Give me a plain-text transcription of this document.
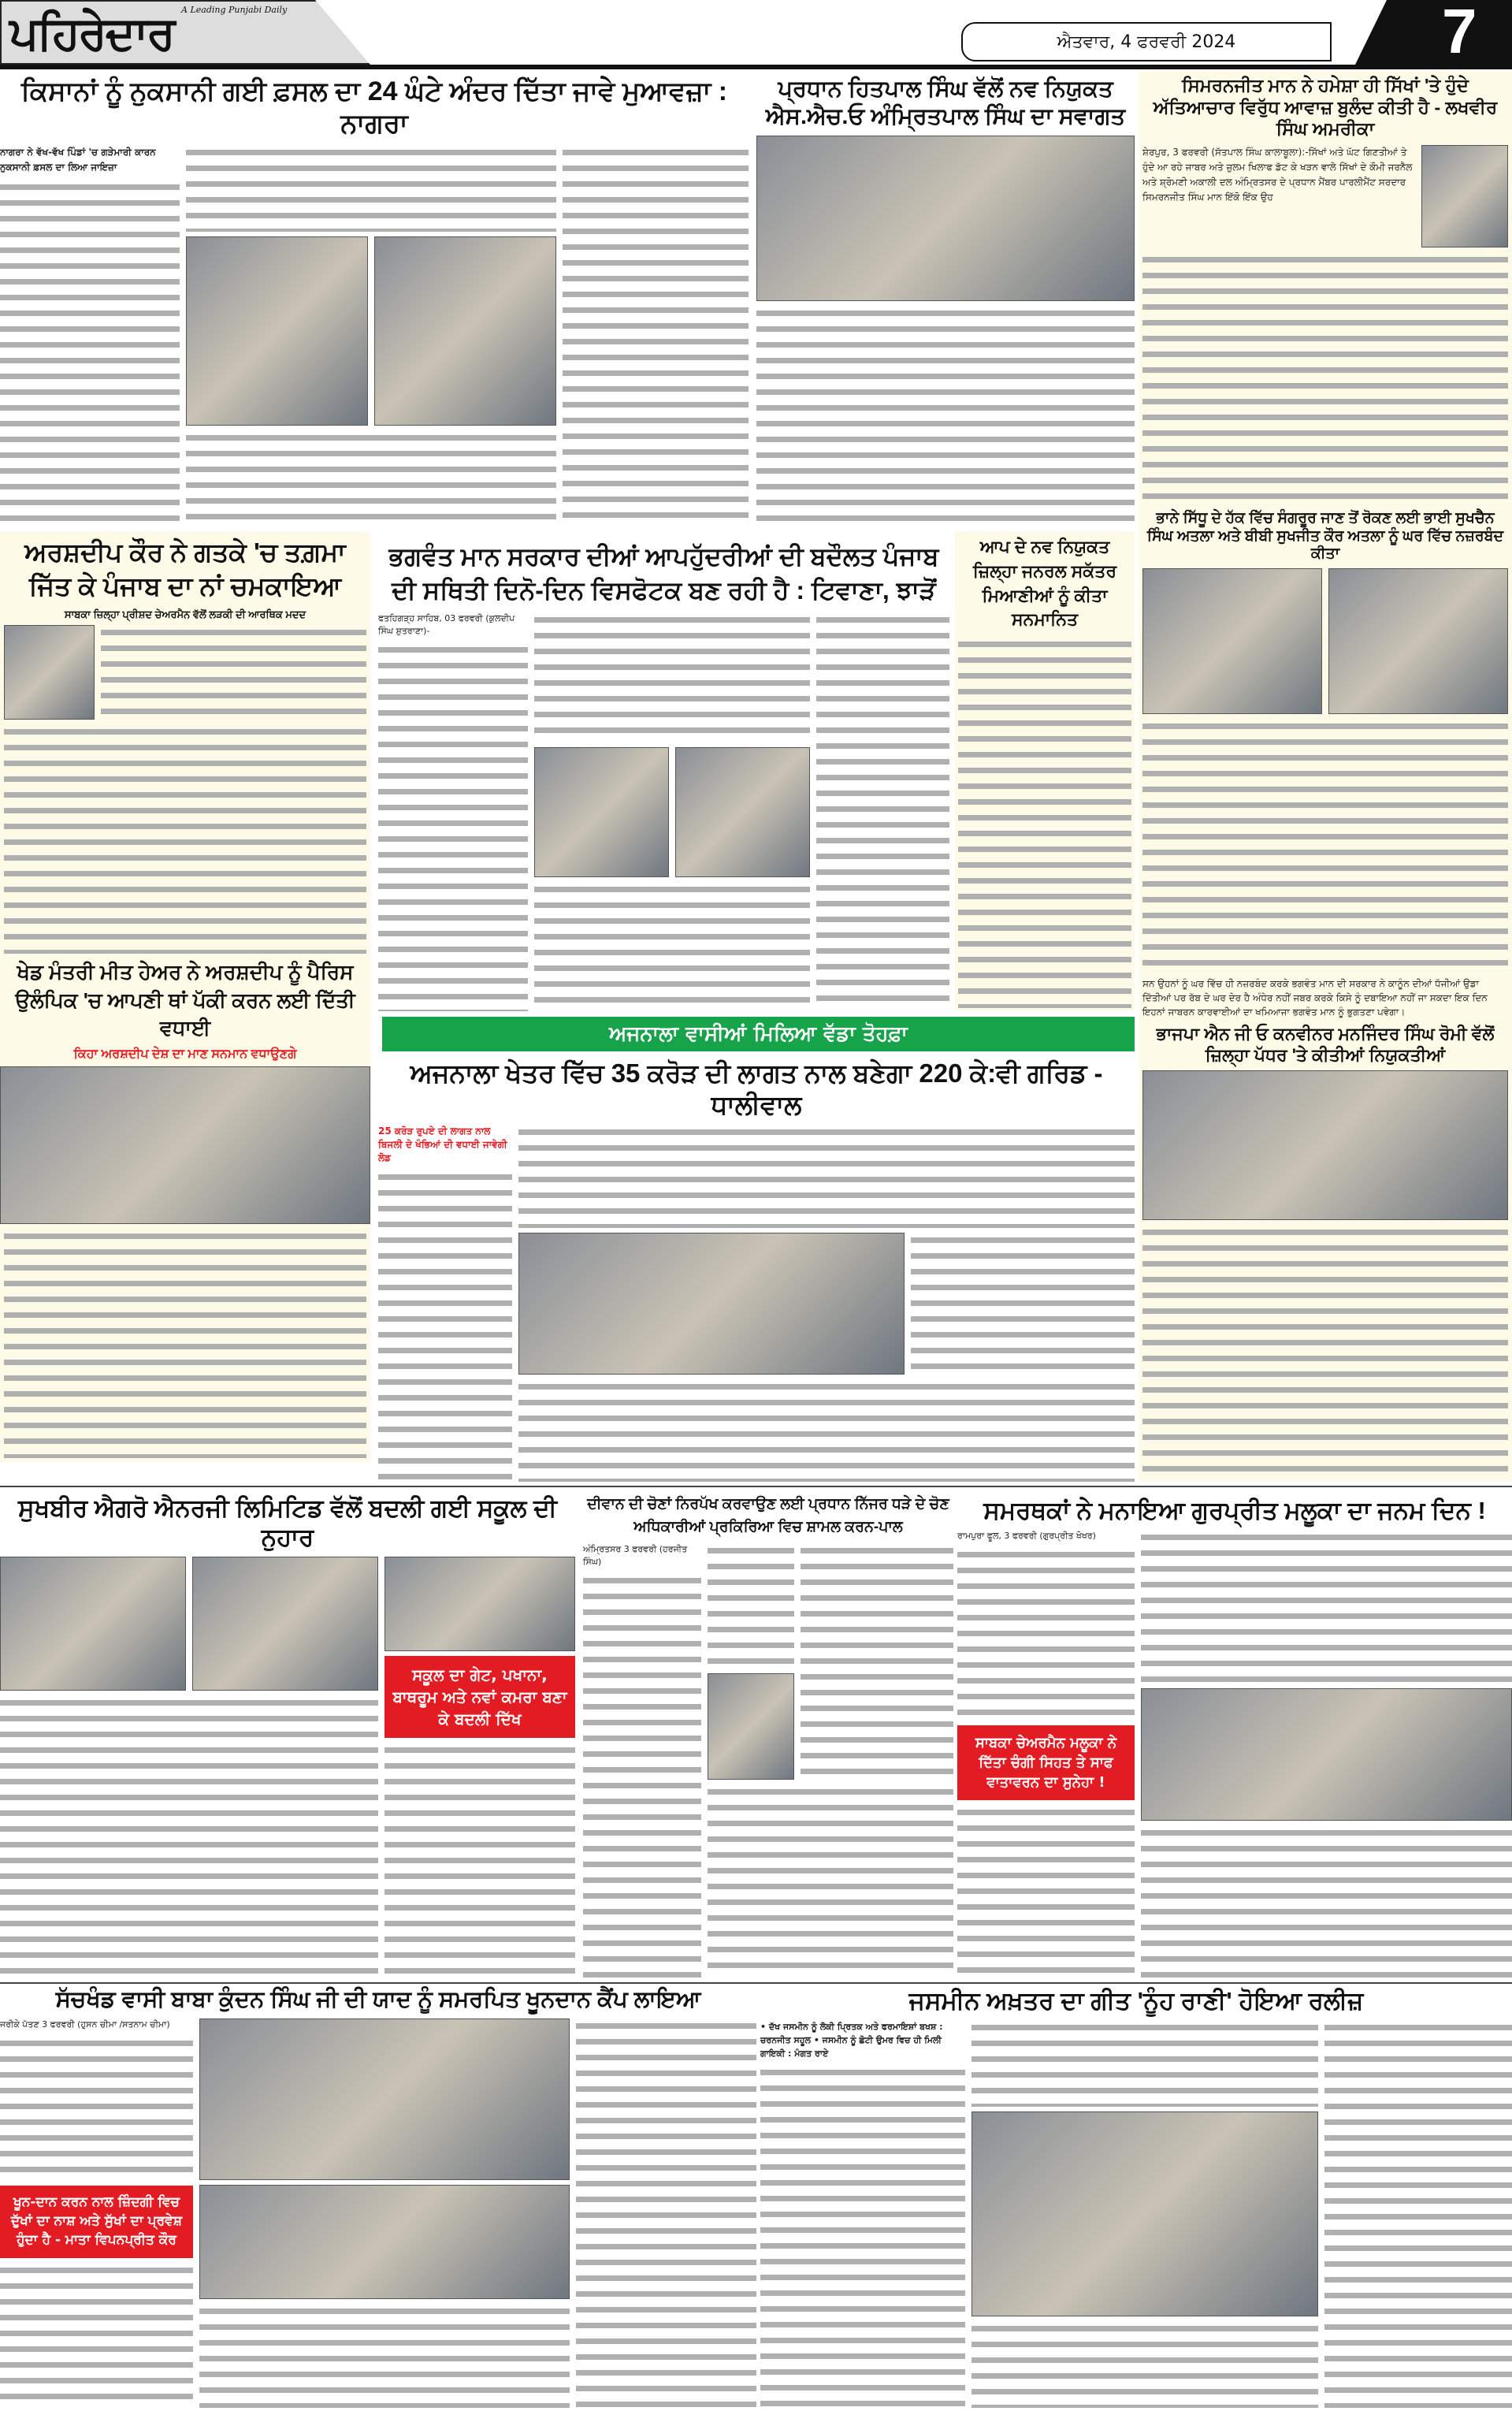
ਪਹਿਰੇਦਾਰ A Leading Punjabi Daily
ਐਤਵਾਰ, 4 ਫਰਵਰੀ 2024	7
ਕਿਸਾਨਾਂ ਨੂੰ ਨੁਕਸਾਨੀ ਗਈ ਫ਼ਸਲ ਦਾ 24 ਘੰਟੇ ਅੰਦਰ ਦਿੱਤਾ ਜਾਵੇ ਮੁਆਵਜ਼ਾ : ਨਾਗਰਾ
ਨਾਗਰਾ ਨੇ ਵੱਖ-ਵੱਖ ਪਿੰਡਾਂ 'ਚ ਗੜੇਮਾਰੀ ਕਾਰਨ ਨੁਕਸਾਨੀ ਫ਼ਸਲ ਦਾ ਲਿਆ ਜਾਇਜ਼ਾ
ਪ੍ਰਧਾਨ ਹਿਤਪਾਲ ਸਿੰਘ ਵੱਲੋਂ ਨਵ ਨਿਯੁਕਤ ਐਸ.ਐਚ.ਓ ਅੰਮ੍ਰਿਤਪਾਲ ਸਿੰਘ ਦਾ ਸਵਾਗਤ
ਸਿਮਰਨਜੀਤ ਮਾਨ ਨੇ ਹਮੇਸ਼ਾ ਹੀ ਸਿੱਖਾਂ 'ਤੇ ਹੁੰਦੇ ਅੱਤਿਆਚਾਰ ਵਿਰੁੱਧ ਆਵਾਜ਼ ਬੁਲੰਦ ਕੀਤੀ ਹੈ - ਲਖਵੀਰ ਸਿੰਘ ਅਮਰੀਕਾ
ਸ਼ੇਰਪੁਰ, 3 ਫਰਵਰੀ (ਸੱਤਪਾਲ ਸਿੰਘ ਕਾਲਾਬੂਲਾ):-ਸਿੱਖਾਂ ਅਤੇ ਘੱਟ ਗਿਣਤੀਆਂ ਤੇ ਹੁੰਦੇ ਆ ਰਹੇ ਜਾਬਰ ਅਤੇ ਜ਼ੁਲਮ ਖਿਲਾਫ ਡੱਟ ਕੇ ਖੜਨ ਵਾਲੇ ਸਿੱਖਾਂ ਦੇ ਕੌਮੀ ਜਰਨੈਲ ਅਤੇ ਸ਼੍ਰੋਮਣੀ ਅਕਾਲੀ ਦਲ ਅੰਮ੍ਰਿਤਸਰ ਦੇ ਪ੍ਰਧਾਨ ਮੈਂਬਰ ਪਾਰਲੀਮੈਂਟ ਸਰਦਾਰ ਸਿਮਰਨਜੀਤ ਸਿੰਘ ਮਾਨ ਇੱਕੋ ਇੱਕ ਉਹ
ਭਾਨੇ ਸਿੱਧੂ ਦੇ ਹੱਕ ਵਿੱਚ ਸੰਗਰੂਰ ਜਾਣ ਤੋਂ ਰੋਕਣ ਲਈ ਭਾਈ ਸੁਖਚੈਨ ਸਿੰਘ ਅਤਲਾ ਅਤੇ ਬੀਬੀ ਸੁਖਜੀਤ ਕੌਰ ਅਤਲਾ ਨੂੰ ਘਰ ਵਿੱਚ ਨਜ਼ਰਬੰਦ ਕੀਤਾ
ਸਨ ਉਹਨਾਂ ਨੂੰ ਘਰ ਵਿੱਚ ਹੀ ਨਜ਼ਰਬੰਦ ਕਰਕੇ ਭਗਵੰਤ ਮਾਨ ਦੀ ਸਰਕਾਰ ਨੇ ਕਾਨੂੰਨ ਦੀਆਂ ਧੱਜੀਆਂ ਉਡਾ ਦਿੱਤੀਆਂ ਪਰ ਰੱਬ ਦੇ ਘਰ ਦੇਰ ਹੈ ਅੰਧੇਰ ਨਹੀਂ ਜਬਰ ਕਰਕੇ ਕਿਸੇ ਨੂੰ ਦਬਾਇਆ ਨਹੀਂ ਜਾ ਸਕਦਾ ਇਕ ਦਿਨ ਇਹਨਾਂ ਜਾਬਰਨ ਕਾਰਵਾਈਆਂ ਦਾ ਖਮਿਆਜਾ ਭਗਵੰਤ ਮਾਨ ਨੂੰ ਭੁਗਤਣਾ ਪਵੇਗਾ।
ਭਾਜਪਾ ਐਨ ਜੀ ਓ ਕਨਵੀਨਰ ਮਨਜਿੰਦਰ ਸਿੰਘ ਰੋਮੀ ਵੱਲੋਂ ਜ਼ਿਲ੍ਹਾ ਪੱਧਰ 'ਤੇ ਕੀਤੀਆਂ ਨਿਯੁਕਤੀਆਂ
ਅਰਸ਼ਦੀਪ ਕੌਰ ਨੇ ਗਤਕੇ 'ਚ ਤਗ਼ਮਾ ਜਿੱਤ ਕੇ ਪੰਜਾਬ ਦਾ ਨਾਂ ਚਮਕਾਇਆ
ਸਾਬਕਾ ਜ਼ਿਲ੍ਹਾ ਪ੍ਰੀਸ਼ਦ ਚੇਅਰਮੈਨ ਵੱਲੋਂ ਲੜਕੀ ਦੀ ਆਰਥਿਕ ਮਦਦ
ਖੇਡ ਮੰਤਰੀ ਮੀਤ ਹੇਅਰ ਨੇ ਅਰਸ਼ਦੀਪ ਨੂੰ ਪੈਰਿਸ ਉਲੰਪਿਕ 'ਚ ਆਪਣੀ ਥਾਂ ਪੱਕੀ ਕਰਨ ਲਈ ਦਿੱਤੀ ਵਧਾਈ
ਕਿਹਾ ਅਰਸ਼ਦੀਪ ਦੇਸ਼ ਦਾ ਮਾਣ ਸਨਮਾਨ ਵਧਾਉਣਗੇ
ਭਗਵੰਤ ਮਾਨ ਸਰਕਾਰ ਦੀਆਂ ਆਪਹੁੱਦਰੀਆਂ ਦੀ ਬਦੌਲਤ ਪੰਜਾਬ ਦੀ ਸਥਿਤੀ ਦਿਨੋ-ਦਿਨ ਵਿਸਫੋਟਕ ਬਣ ਰਹੀ ਹੈ : ਟਿਵਾਣਾ, ਝਾੜੋਂ
ਫਤਹਿਗੜ੍ਹ ਸਾਹਿਬ, 03 ਫਰਵਰੀ (ਕੁਲਦੀਪ ਸਿੰਘ ਸ਼ੁਤਰਾਣਾ)-
ਆਪ ਦੇ ਨਵ ਨਿਯੁਕਤ ਜ਼ਿਲ੍ਹਾ ਜਨਰਲ ਸਕੱਤਰ ਮਿਆਣੀਆਂ ਨੂੰ ਕੀਤਾ ਸਨਮਾਨਿਤ
ਅਜਨਾਲਾ ਵਾਸੀਆਂ ਮਿਲਿਆ ਵੱਡਾ ਤੋਹਫ਼ਾ
ਅਜਨਾਲਾ ਖੇਤਰ ਵਿੱਚ 35 ਕਰੋੜ ਦੀ ਲਾਗਤ ਨਾਲ ਬਣੇਗਾ 220 ਕੇ:ਵੀ ਗਰਿਡ - ਧਾਲੀਵਾਲ
25 ਕਰੋੜ ਰੁਪਏ ਦੀ ਲਾਗਤ ਨਾਲ ਬਿਜਲੀ ਦੇ ਖੰਭਿਆਂ ਦੀ ਵਧਾਈ ਜਾਵੇਗੀ ਲੋਡ
ਸੁਖਬੀਰ ਐਗਰੋ ਐਨਰਜੀ ਲਿਮਿਟਿਡ ਵੱਲੋਂ ਬਦਲੀ ਗਈ ਸਕੂਲ ਦੀ ਨੁਹਾਰ
ਸਕੂਲ ਦਾ ਗੇਟ, ਪਖਾਨਾ, ਬਾਥਰੂਮ ਅਤੇ ਨਵਾਂ ਕਮਰਾ ਬਣਾ ਕੇ ਬਦਲੀ ਦਿੱਖ
ਦੀਵਾਨ ਦੀ ਚੋਣਾਂ ਨਿਰਪੱਖ ਕਰਵਾਉਣ ਲਈ ਪ੍ਰਧਾਨ ਨਿੱਜਰ ਧੜੇ ਦੇ ਚੋਣ ਅਧਿਕਾਰੀਆਂ ਪ੍ਰਕਿਰਿਆ ਵਿਚ ਸ਼ਾਮਲ ਕਰਨ-ਪਾਲ
ਅੰਮ੍ਰਿਤਸਰ 3 ਫਰਵਰੀ (ਹਰਜੀਤ ਸਿੰਘ)
ਸਮਰਥਕਾਂ ਨੇ ਮਨਾਇਆ ਗੁਰਪ੍ਰੀਤ ਮਲੂਕਾ ਦਾ ਜਨਮ ਦਿਨ !
ਰਾਮਪੁਰਾ ਫੂਲ, 3 ਫਰਵਰੀ (ਗੁਰਪ੍ਰੀਤ ਖੋਖਰ)
ਸਾਬਕਾ ਚੇਅਰਮੈਨ ਮਲੂਕਾ ਨੇ ਦਿੱਤਾ ਚੰਗੀ ਸਿਹਤ ਤੇ ਸਾਫ ਵਾਤਾਵਰਨ ਦਾ ਸੁਨੇਹਾ !
ਸੱਚਖੰਡ ਵਾਸੀ ਬਾਬਾ ਕੁੰਦਨ ਸਿੰਘ ਜੀ ਦੀ ਯਾਦ ਨੂੰ ਸਮਰਪਿਤ ਖੂਨਦਾਨ ਕੈਂਪ ਲਾਇਆ
ਜਰੀਕੇ ਪੱਤਣ 3 ਫਰਵਰੀ (ਹੁਸਨ ਚੀਮਾ /ਸਤਨਾਮ ਚੀਮਾ)
ਖੂਨ-ਦਾਨ ਕਰਨ ਨਾਲ ਜ਼ਿੰਦਗੀ ਵਿਚ ਦੁੱਖਾਂ ਦਾ ਨਾਸ਼ ਅਤੇ ਸੁੱਖਾਂ ਦਾ ਪ੍ਰਵੇਸ਼ ਹੁੰਦਾ ਹੈ - ਮਾਤਾ ਵਿਪਨਪ੍ਰੀਤ ਕੌਰ
ਜਸਮੀਨ ਅਖ਼ਤਰ ਦਾ ਗੀਤ 'ਨੂੰਹ ਰਾਣੀ' ਹੋਇਆ ਰਲੀਜ਼
• ਦੱਖ ਜਸਮੀਨ ਨੂੰ ਲੋਕੀ ਪ੍ਰਿਤਕ ਅਤੇ ਫਰਮਾਇਸ਼ਾਂ ਬਖਸ਼ : ਚਰਨਜੀਤ ਸਹੂਲ • ਜਸਮੀਨ ਨੂੰ ਛੋਟੀ ਉਮਰ ਵਿਚ ਹੀ ਮਿਲੀ ਗਾਇਕੀ : ਮੰਗਤ ਰਾਏ
